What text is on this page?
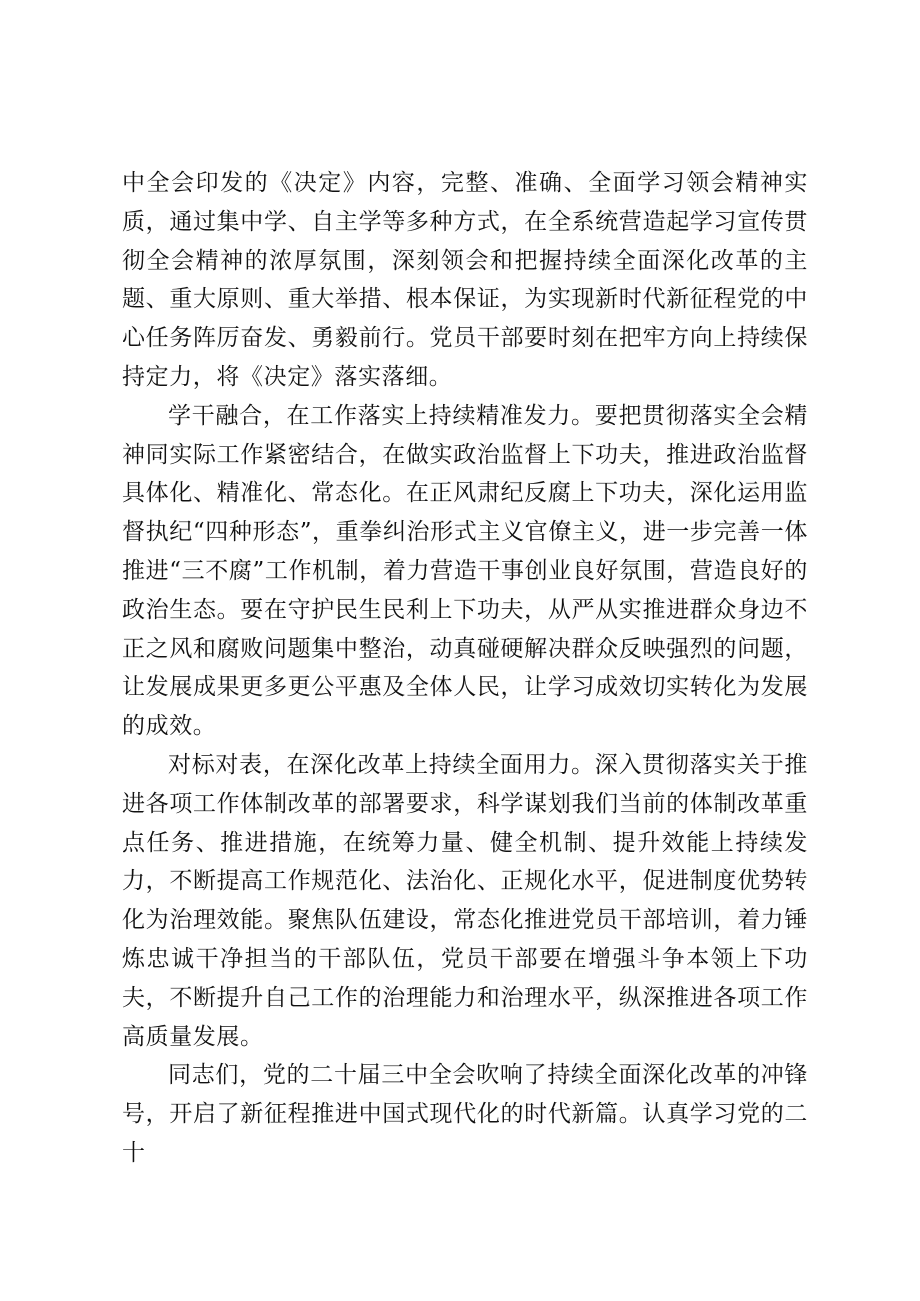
中全会印发的《决定》内容，完整、准确、全面学习领会精神实质，通过集中学、自主学等多种方式，在全系统营造起学习宣传贯彻全会精神的浓厚氛围，深刻领会和把握持续全面深化改革的主题、重大原则、重大举措、根本保证，为实现新时代新征程党的中心任务阵厉奋发、勇毅前行。党员干部要时刻在把牢方向上持续保持定力，将《决定》落实落细。

学干融合，在工作落实上持续精准发力。要把贯彻落实全会精神同实际工作紧密结合，在做实政治监督上下功夫，推进政治监督具体化、精准化、常态化。在正风肃纪反腐上下功夫，深化运用监督执纪“四种形态”，重拳纠治形式主义官僚主义，进一步完善一体推进“三不腐”工作机制，着力营造干事创业良好氛围，营造良好的政治生态。要在守护民生民利上下功夫，从严从实推进群众身边不正之风和腐败问题集中整治，动真碰硬解决群众反映强烈的问题，让发展成果更多更公平惠及全体人民，让学习成效切实转化为发展的成效。

对标对表，在深化改革上持续全面用力。深入贯彻落实关于推进各项工作体制改革的部署要求，科学谋划我们当前的体制改革重点任务、推进措施，在统筹力量、健全机制、提升效能上持续发力，不断提高工作规范化、法治化、正规化水平，促进制度优势转化为治理效能。聚焦队伍建设，常态化推进党员干部培训，着力锤炼忠诚干净担当的干部队伍，党员干部要在增强斗争本领上下功夫，不断提升自己工作的治理能力和治理水平，纵深推进各项工作高质量发展。

同志们，党的二十届三中全会吹响了持续全面深化改革的冲锋号，开启了新征程推进中国式现代化的时代新篇。认真学习党的二十
